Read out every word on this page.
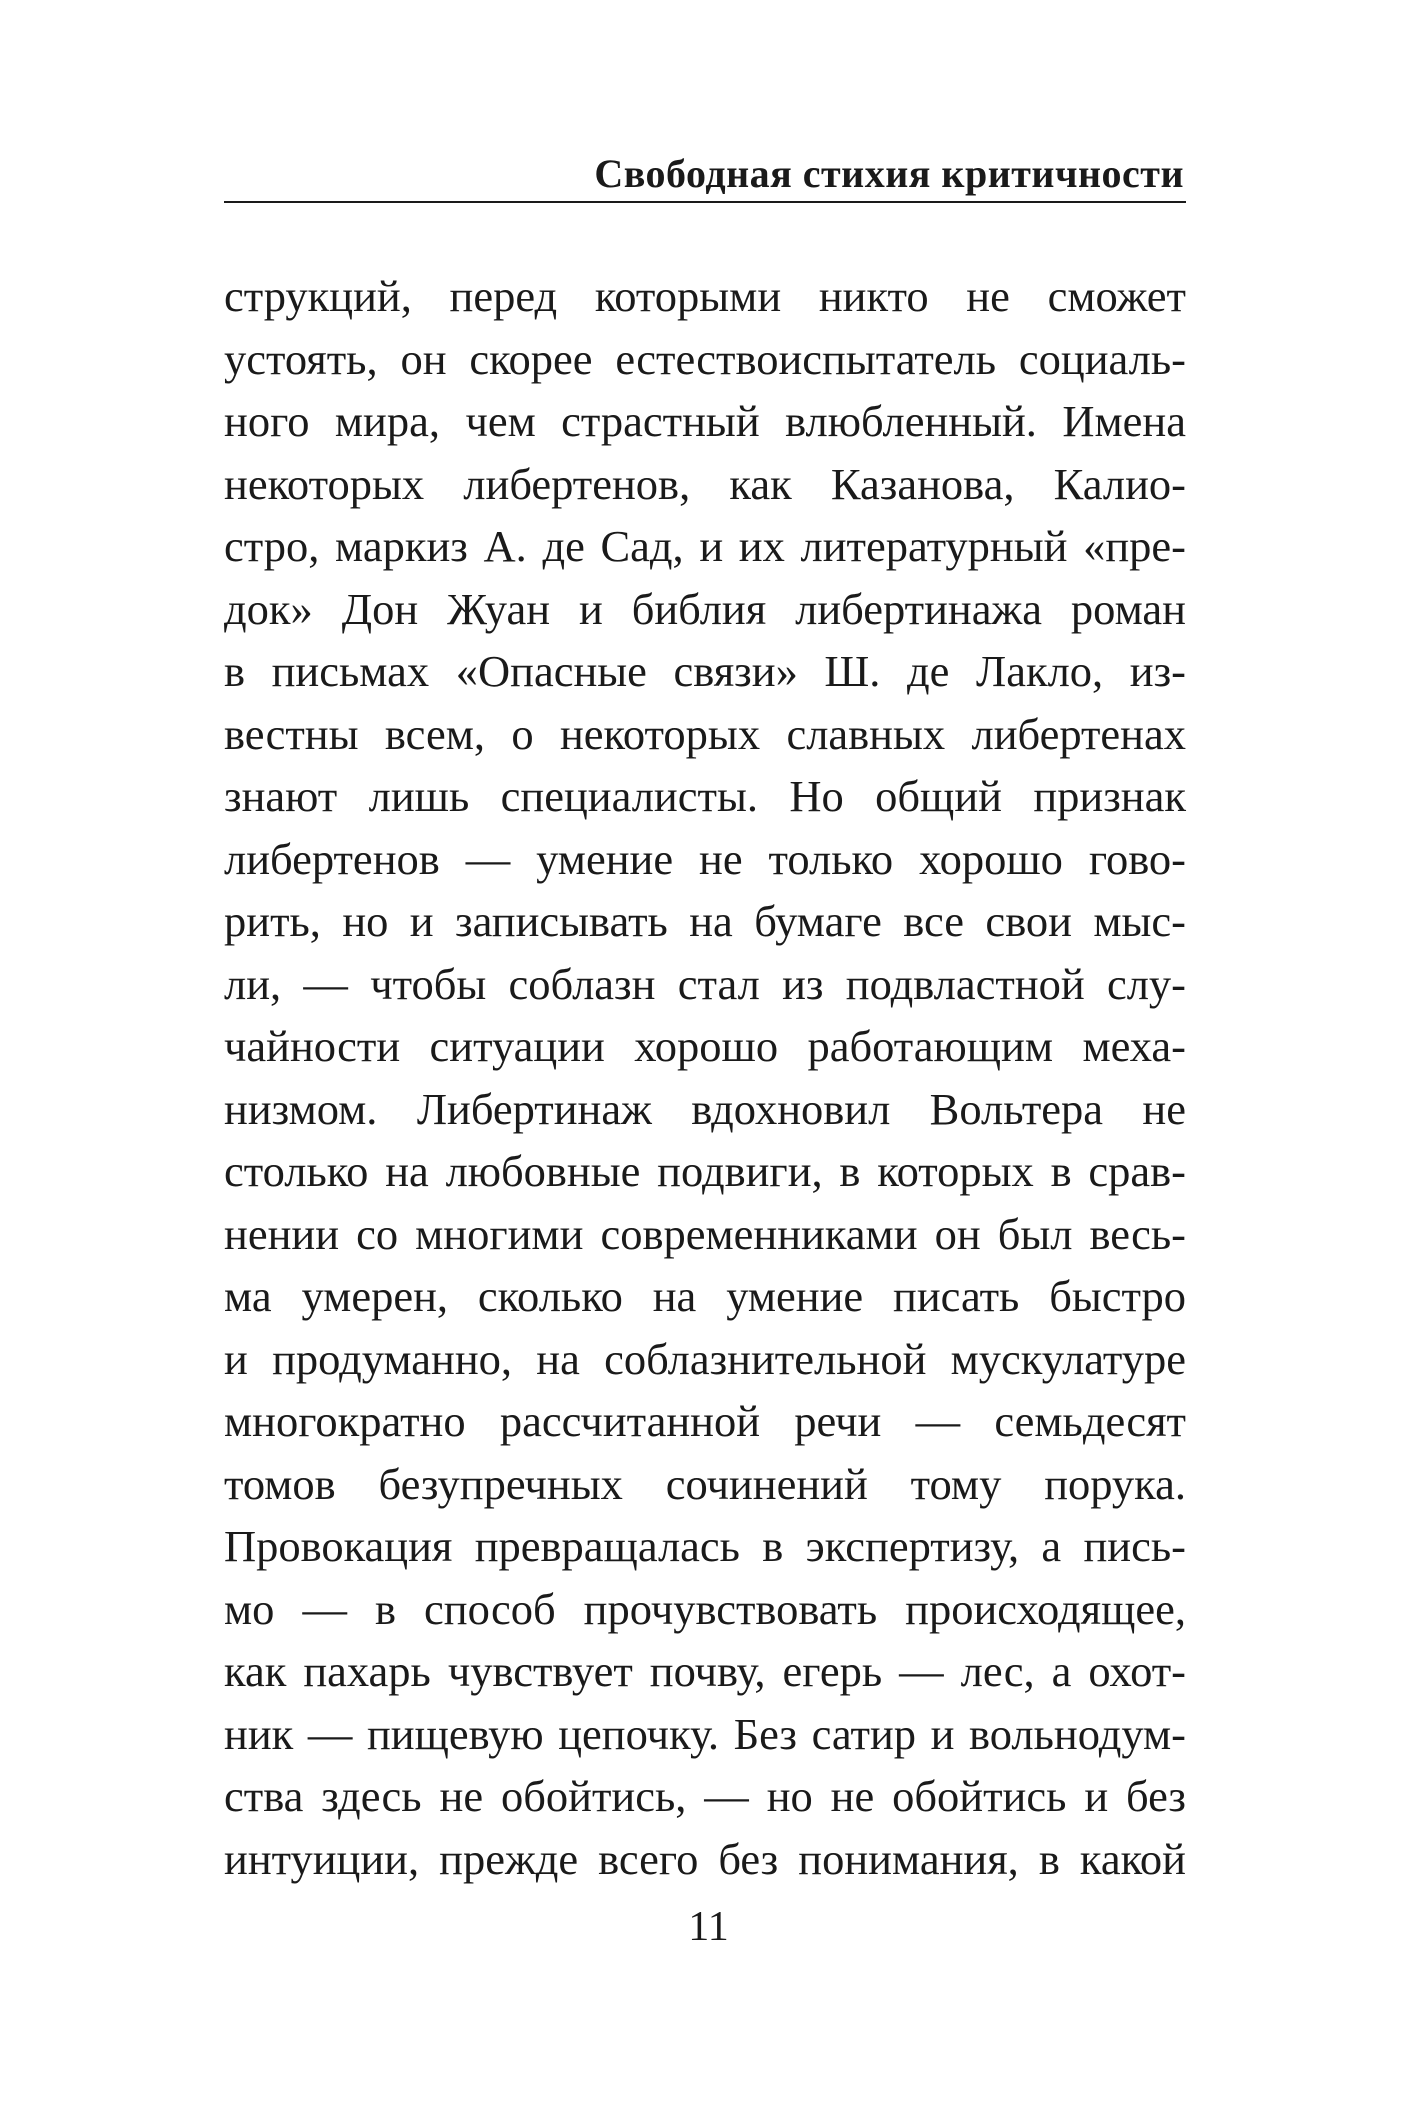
Свободная стихия критичности
струкций, перед которыми никто не сможет
устоять, он скорее естествоиспытатель социаль-
ного мира, чем страстный влюбленный. Имена
некоторых либертенов, как Казанова, Калио-
стро, маркиз А. де Сад, и их литературный «пре-
док» Дон Жуан и библия либертинажа роман
в письмах «Опасные связи» Ш. де Лакло, из-
вестны всем, о некоторых славных либертенах
знают лишь специалисты. Но общий признак
либертенов — умение не только хорошо гово-
рить, но и записывать на бумаге все свои мыс-
ли, — чтобы соблазн стал из подвластной слу-
чайности ситуации хорошо работающим меха-
низмом. Либертинаж вдохновил Вольтера не
столько на любовные подвиги, в которых в срав-
нении со многими современниками он был весь-
ма умерен, сколько на умение писать быстро
и продуманно, на соблазнительной мускулатуре
многократно рассчитанной речи — семьдесят
томов безупречных сочинений тому порука.
Провокация превращалась в экспертизу, а пись-
мо — в способ прочувствовать происходящее,
как пахарь чувствует почву, егерь — лес, а охот-
ник — пищевую цепочку. Без сатир и вольнодум-
ства здесь не обойтись, — но не обойтись и без
интуиции, прежде всего без понимания, в какой
11
